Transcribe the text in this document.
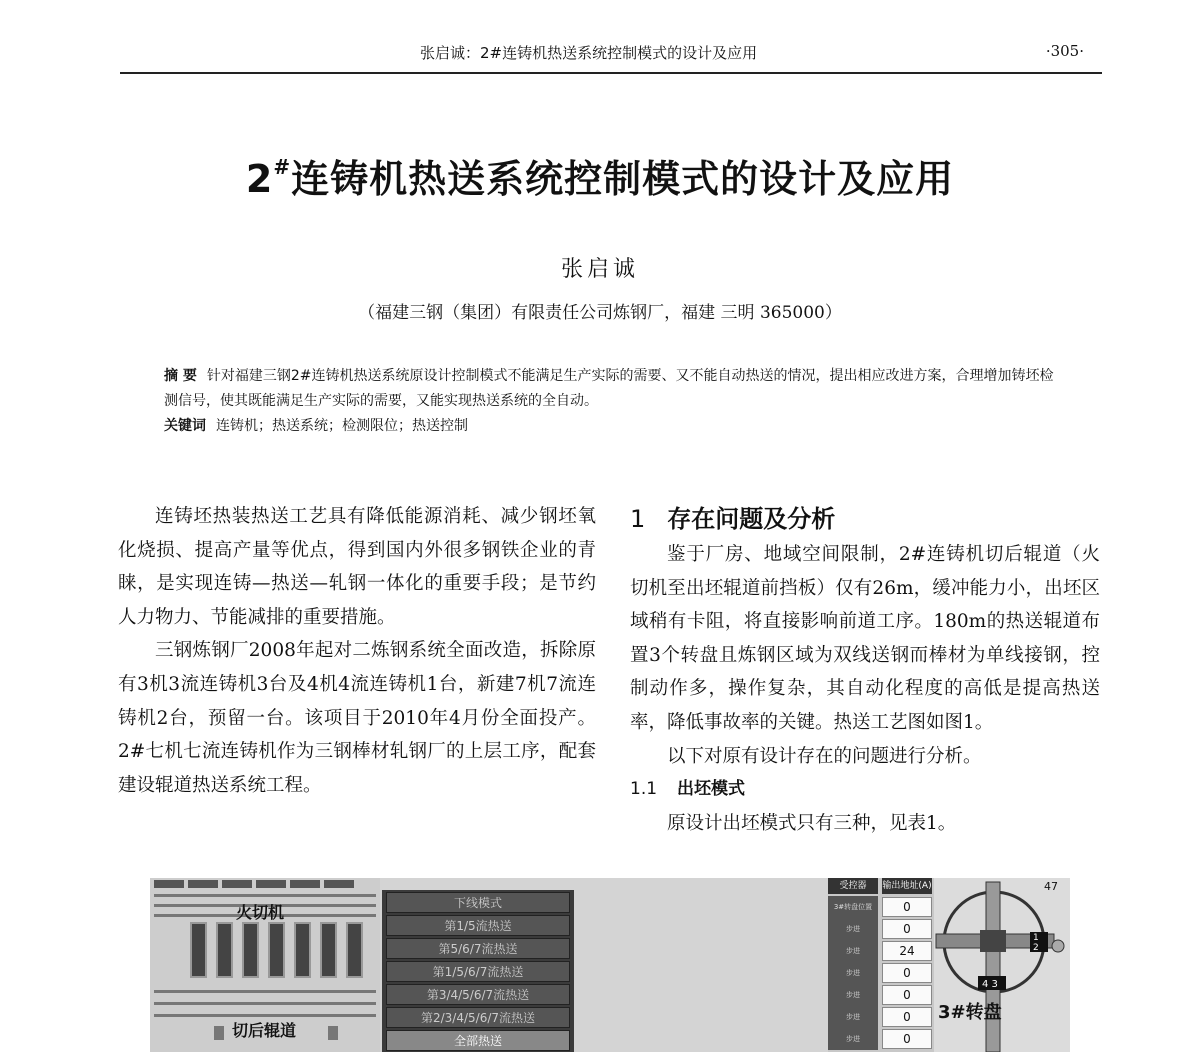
张启诚：2#连铸机热送系统控制模式的设计及应用	·305·
2#连铸机热送系统控制模式的设计及应用
张启诚
（福建三钢（集团）有限责任公司炼钢厂，福建 三明 365000）
摘 要 针对福建三钢2#连铸机热送系统原设计控制模式不能满足生产实际的需要、又不能自动热送的情况，提出相应改进方案，合理增加铸坯检测信号，使其既能满足生产实际的需要，又能实现热送系统的全自动。
关键词 连铸机；热送系统；检测限位；热送控制

连铸坯热装热送工艺具有降低能源消耗、减少钢坯氧化烧损、提高产量等优点，得到国内外很多钢铁企业的青睐，是实现连铸—热送—轧钢一体化的重要手段；是节约人力物力、节能减排的重要措施。

三钢炼钢厂2008年起对二炼钢系统全面改造，拆除原有3机3流连铸机3台及4机4流连铸机1台，新建7机7流连铸机2台，预留一台。该项目于2010年4月份全面投产。2#七机七流连铸机作为三钢棒材轧钢厂的上层工序，配套建设辊道热送系统工程。

1 存在问题及分析

鉴于厂房、地域空间限制，2#连铸机切后辊道（火切机至出坯辊道前挡板）仅有26m，缓冲能力小，出坯区域稍有卡阻，将直接影响前道工序。180m的热送辊道布置3个转盘且炼钢区域为双线送钢而棒材为单线接钢，控制动作多，操作复杂，其自动化程度的高低是提高热送率，降低事故率的关键。热送工艺图如图1。

以下对原有设计存在的问题进行分析。

1.1 出坯模式

原设计出坯模式只有三种，见表1。

火切机
切后辊道
下线模式
第1/5流热送
第5/6/7流热送
第1/5/6/7流热送
第3/4/5/6/7流热送
第2/3/4/5/6/7流热送
全部热送
受控器	输出地址(A)
3#转盘位置	0
步进	0
步进	24
步进	0
步进	0
步进	0
步进	0
1
2
4 3
47
3#转盘
